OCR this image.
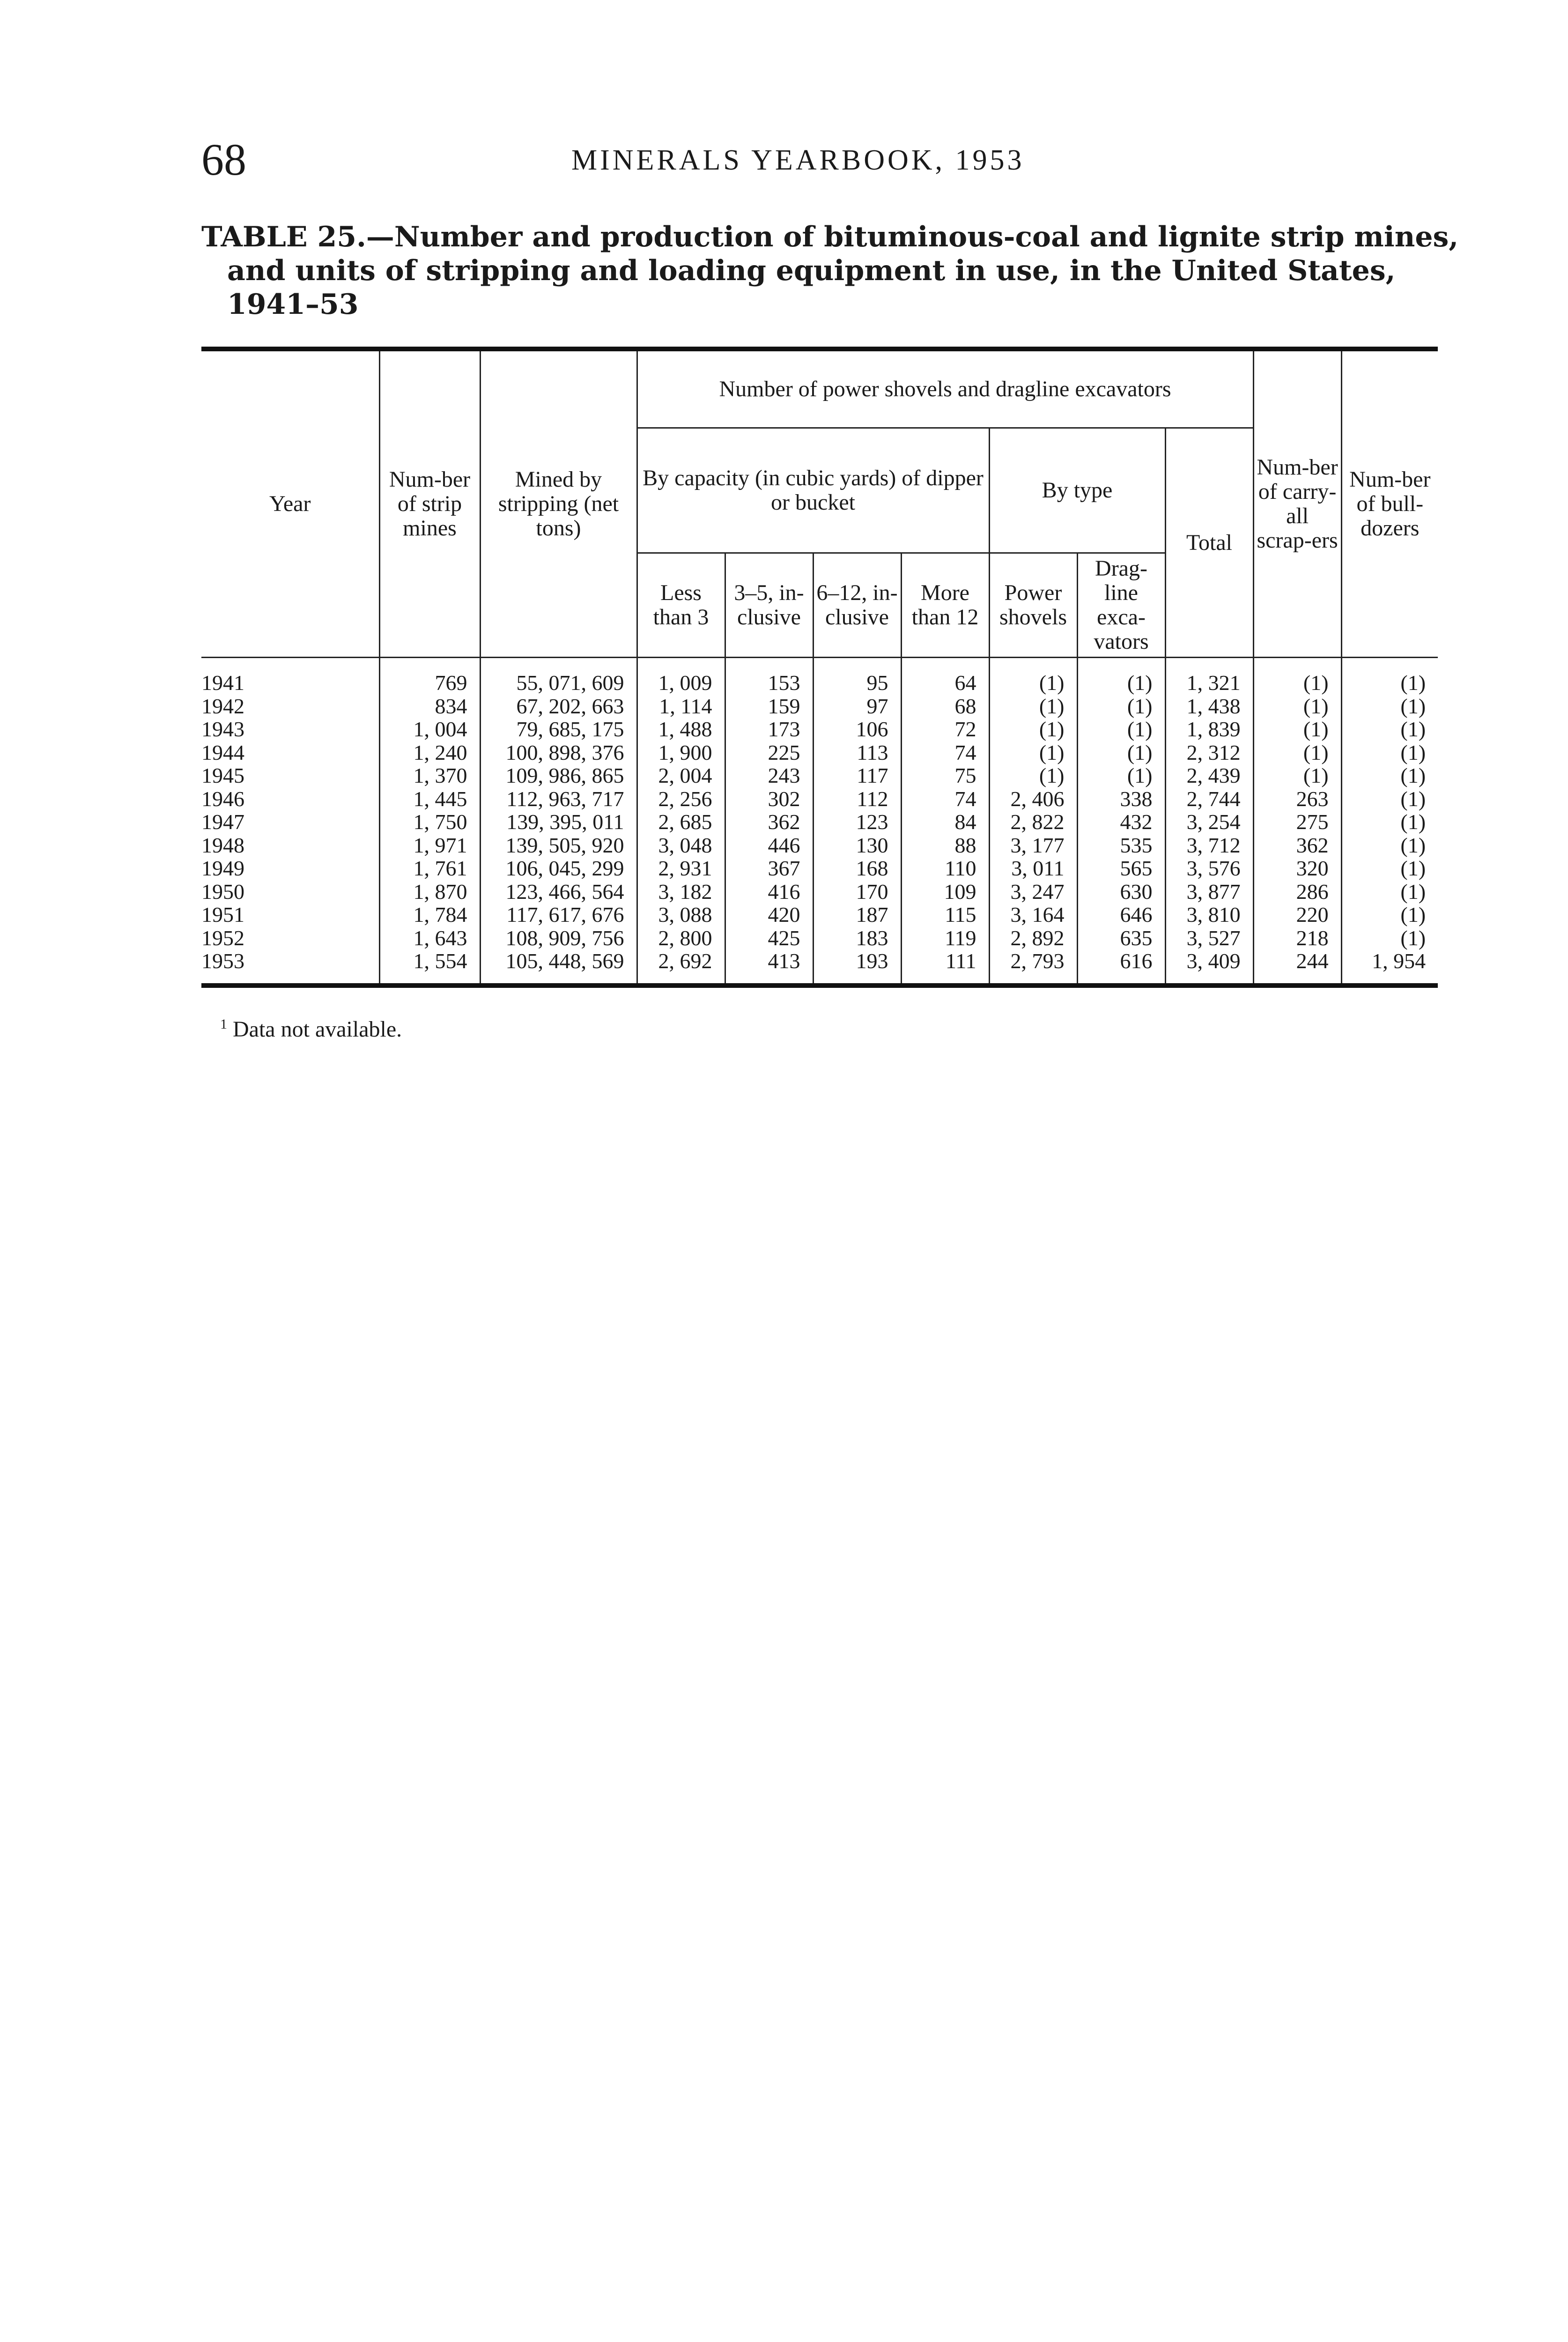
68	MINERALS YEARBOOK, 1953
TABLE 25.—Number and production of bituminous-coal and lignite strip mines,
and units of stripping and loading equipment in use, in the United States,
1941–53
Year	Num-ber of strip mines	Mined by stripping (net tons)	Number of power shovels and dragline excavators							Num-ber of carry-all scrap-ers	Num-ber of bull-dozers
			By capacity (in cubic yards) of dipper or bucket				By type		Total		
			Less than 3	3–5, in-clusive	6–12, in-clusive	More than 12	Power shovels	Drag-line exca-vators			
1941	769	55, 071, 609	1, 009	153	95	64	(1)	(1)	1, 321	(1)	(1)
1942	834	67, 202, 663	1, 114	159	97	68	(1)	(1)	1, 438	(1)	(1)
1943	1, 004	79, 685, 175	1, 488	173	106	72	(1)	(1)	1, 839	(1)	(1)
1944	1, 240	100, 898, 376	1, 900	225	113	74	(1)	(1)	2, 312	(1)	(1)
1945	1, 370	109, 986, 865	2, 004	243	117	75	(1)	(1)	2, 439	(1)	(1)
1946	1, 445	112, 963, 717	2, 256	302	112	74	2, 406	338	2, 744	263	(1)
1947	1, 750	139, 395, 011	2, 685	362	123	84	2, 822	432	3, 254	275	(1)
1948	1, 971	139, 505, 920	3, 048	446	130	88	3, 177	535	3, 712	362	(1)
1949	1, 761	106, 045, 299	2, 931	367	168	110	3, 011	565	3, 576	320	(1)
1950	1, 870	123, 466, 564	3, 182	416	170	109	3, 247	630	3, 877	286	(1)
1951	1, 784	117, 617, 676	3, 088	420	187	115	3, 164	646	3, 810	220	(1)
1952	1, 643	108, 909, 756	2, 800	425	183	119	2, 892	635	3, 527	218	(1)
1953	1, 554	105, 448, 569	2, 692	413	193	111	2, 793	616	3, 409	244	1, 954
$^1$ Data not available.
